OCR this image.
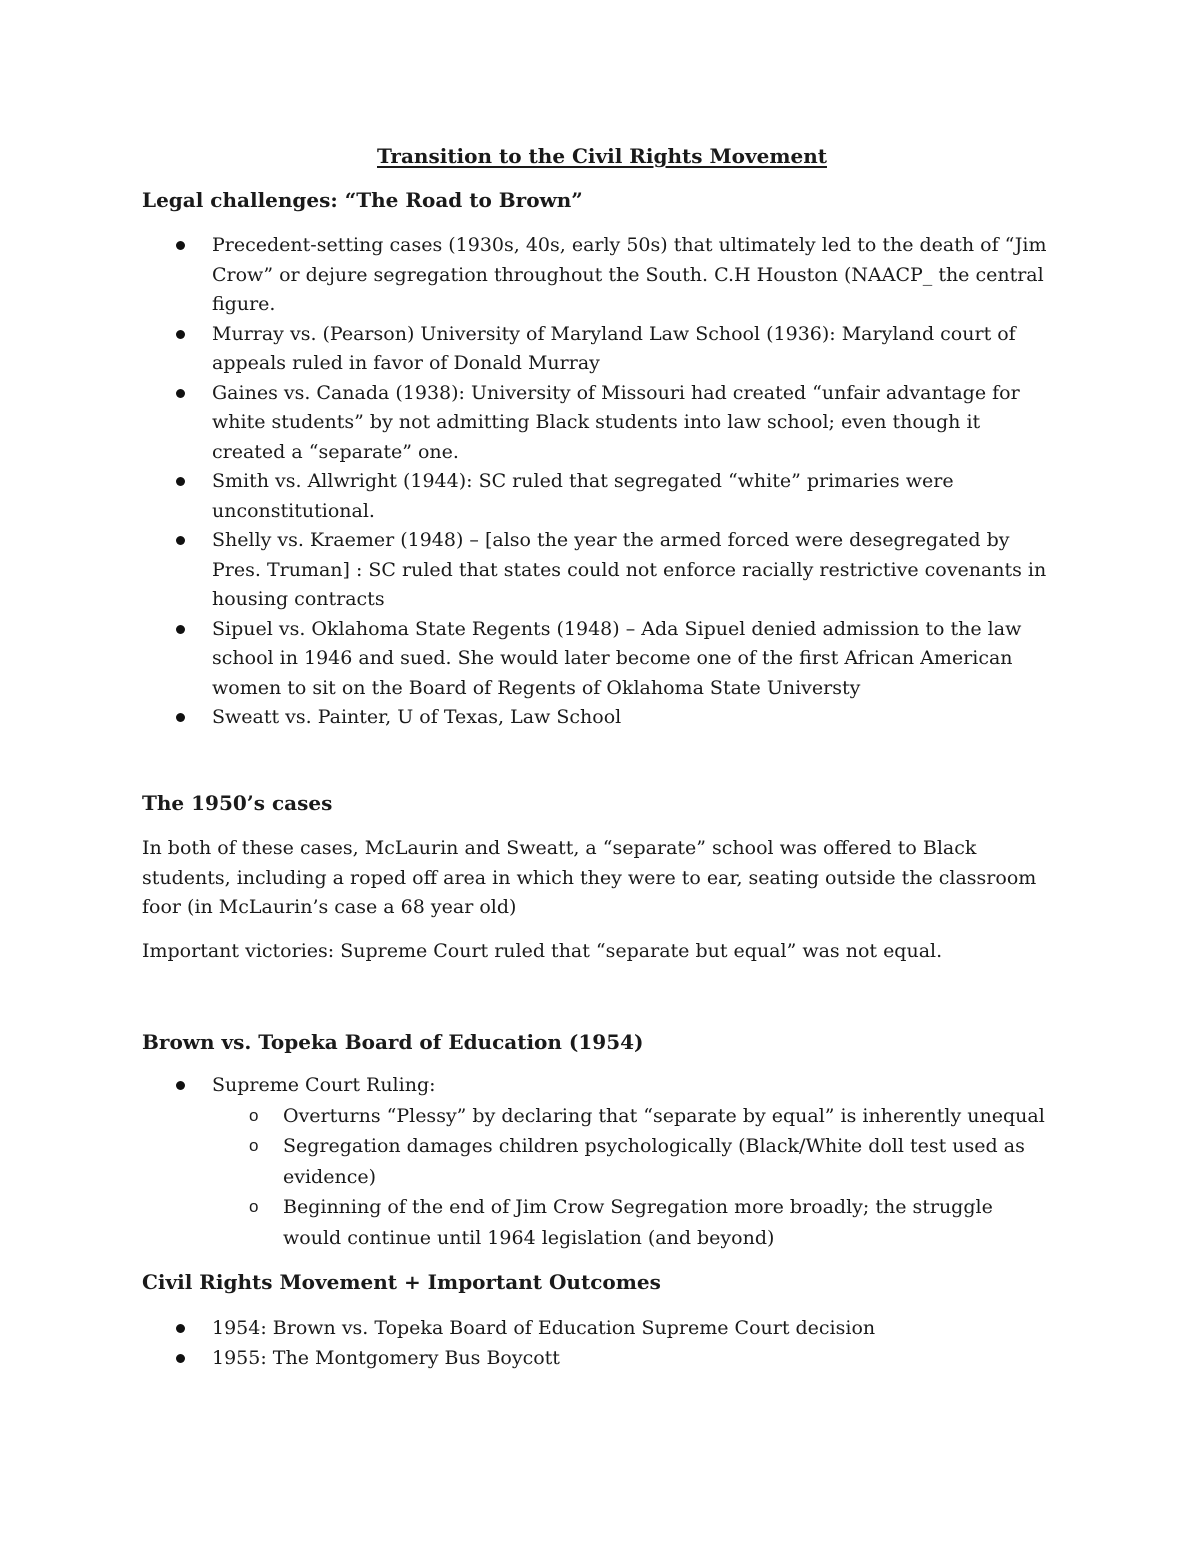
Transition to the Civil Rights Movement
Legal challenges: “The Road to Brown”
Precedent-setting cases (1930s, 40s, early 50s) that ultimately led to the death of “Jim Crow” or dejure segregation throughout the South. C.H Houston (NAACP_ the central figure.
Murray vs. (Pearson) University of Maryland Law School (1936): Maryland court of appeals ruled in favor of Donald Murray
Gaines vs. Canada (1938): University of Missouri had created “unfair advantage for white students” by not admitting Black students into law school; even though it created a “separate” one.
Smith vs. Allwright (1944): SC ruled that segregated “white” primaries were unconstitutional.
Shelly vs. Kraemer (1948) – [also the year the armed forced were desegregated by Pres. Truman] : SC ruled that states could not enforce racially restrictive covenants in housing contracts
Sipuel vs. Oklahoma State Regents (1948) – Ada Sipuel denied admission to the law school in 1946 and sued. She would later become one of the first African American women to sit on the Board of Regents of Oklahoma State Universty
Sweatt vs. Painter, U of Texas, Law School
The 1950’s cases
In both of these cases, McLaurin and Sweatt, a “separate” school was offered to Black students, including a roped off area in which they were to ear, seating outside the classroom foor (in McLaurin’s case a 68 year old)
Important victories: Supreme Court ruled that “separate but equal” was not equal.
Brown vs. Topeka Board of Education (1954)
Supreme Court Ruling:
o Overturns “Plessy” by declaring that “separate by equal” is inherently unequal
o Segregation damages children psychologically (Black/White doll test used as evidence)
o Beginning of the end of Jim Crow Segregation more broadly; the struggle would continue until 1964 legislation (and beyond)
Civil Rights Movement + Important Outcomes
1954: Brown vs. Topeka Board of Education Supreme Court decision
1955: The Montgomery Bus Boycott
